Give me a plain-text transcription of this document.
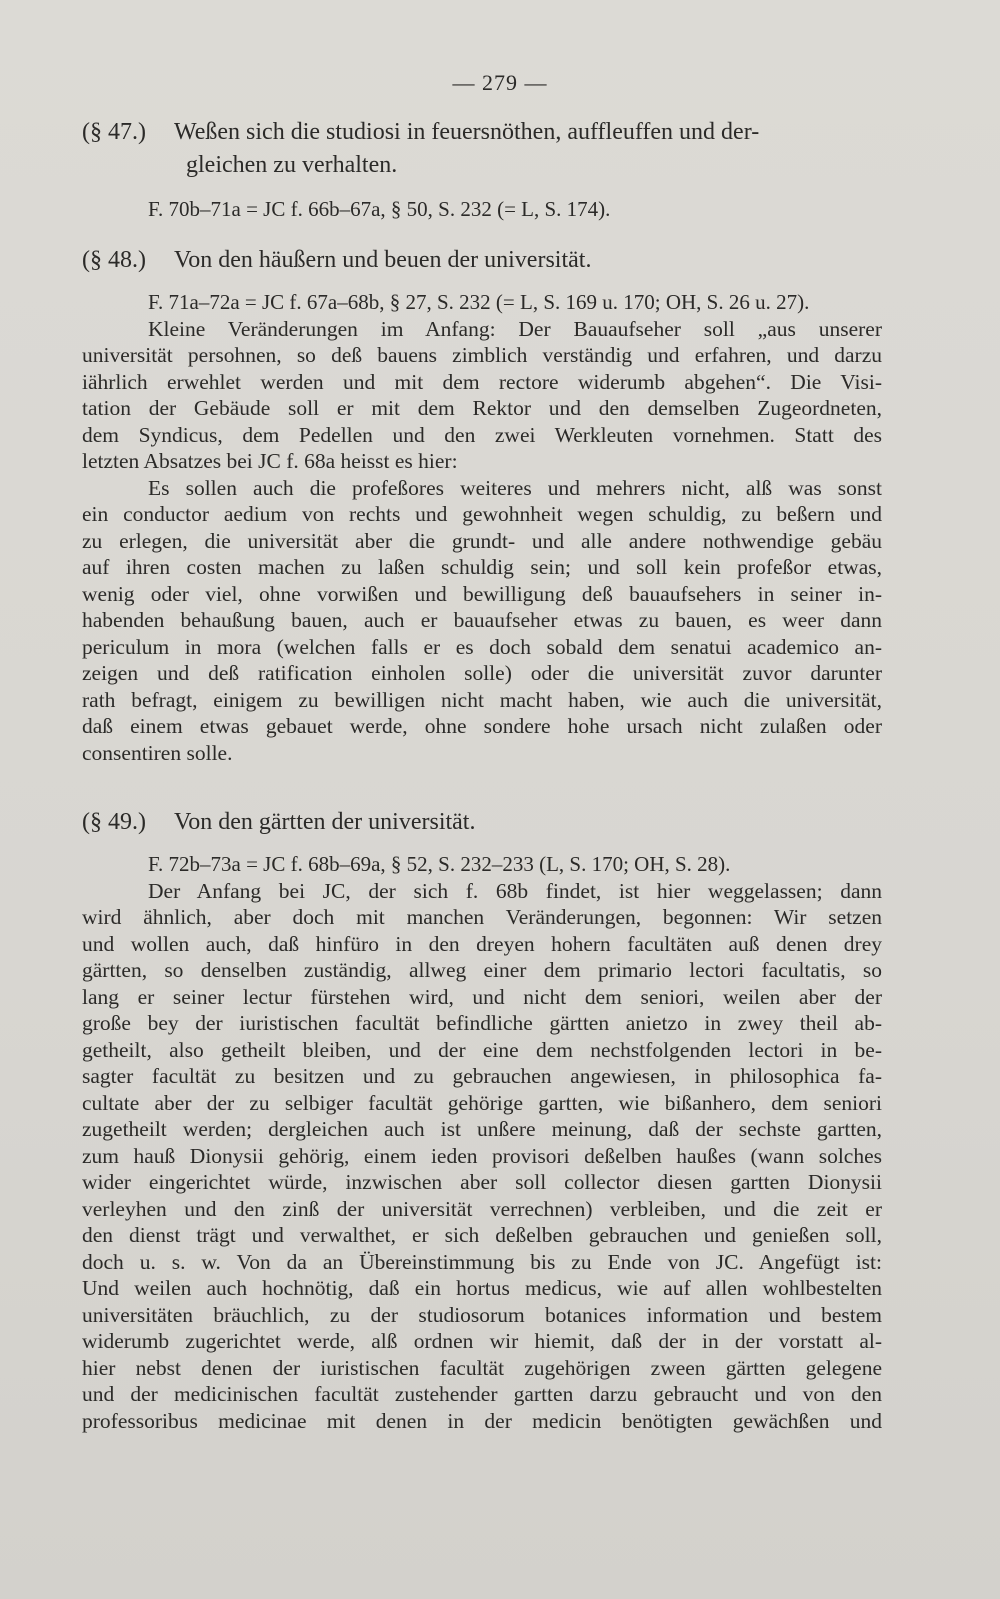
— 279 —
(§ 47.) Weßen sich die studiosi in feuersnöthen, auffleuffen und der-
gleichen zu verhalten.
F. 70b–71a = JC f. 66b–67a, § 50, S. 232 (= L, S. 174).
(§ 48.) Von den häußern und beuen der universität.
F. 71a–72a = JC f. 67a–68b, § 27, S. 232 (= L, S. 169 u. 170; OH, S. 26 u. 27).
Kleine Veränderungen im Anfang: Der Bauaufseher soll „aus unserer
universität persohnen, so deß bauens zimblich verständig und erfahren, und darzu
iährlich erwehlet werden und mit dem rectore widerumb abgehen“. Die Visi-
tation der Gebäude soll er mit dem Rektor und den demselben Zugeordneten,
dem Syndicus, dem Pedellen und den zwei Werkleuten vornehmen. Statt des
letzten Absatzes bei JC f. 68a heisst es hier:
Es sollen auch die profeßores weiteres und mehrers nicht, alß was sonst
ein conductor aedium von rechts und gewohnheit wegen schuldig, zu beßern und
zu erlegen, die universität aber die grundt- und alle andere nothwendige gebäu
auf ihren costen machen zu laßen schuldig sein; und soll kein profeßor etwas,
wenig oder viel, ohne vorwißen und bewilligung deß bauaufsehers in seiner in-
habenden behaußung bauen, auch er bauaufseher etwas zu bauen, es weer dann
periculum in mora (welchen falls er es doch sobald dem senatui academico an-
zeigen und deß ratification einholen solle) oder die universität zuvor darunter
rath befragt, einigem zu bewilligen nicht macht haben, wie auch die universität,
daß einem etwas gebauet werde, ohne sondere hohe ursach nicht zulaßen oder
consentiren solle.
(§ 49.) Von den gärtten der universität.
F. 72b–73a = JC f. 68b–69a, § 52, S. 232–233 (L, S. 170; OH, S. 28).
Der Anfang bei JC, der sich f. 68b findet, ist hier weggelassen; dann
wird ähnlich, aber doch mit manchen Veränderungen, begonnen: Wir setzen
und wollen auch, daß hinfüro in den dreyen hohern facultäten auß denen drey
gärtten, so denselben zuständig, allweg einer dem primario lectori facultatis, so
lang er seiner lectur fürstehen wird, und nicht dem seniori, weilen aber der
große bey der iuristischen facultät befindliche gärtten anietzo in zwey theil ab-
getheilt, also getheilt bleiben, und der eine dem nechstfolgenden lectori in be-
sagter facultät zu besitzen und zu gebrauchen angewiesen, in philosophica fa-
cultate aber der zu selbiger facultät gehörige gartten, wie bißanhero, dem seniori
zugetheilt werden; dergleichen auch ist unßere meinung, daß der sechste gartten,
zum hauß Dionysii gehörig, einem ieden provisori deßelben haußes (wann solches
wider eingerichtet würde, inzwischen aber soll collector diesen gartten Dionysii
verleyhen und den zinß der universität verrechnen) verbleiben, und die zeit er
den dienst trägt und verwalthet, er sich deßelben gebrauchen und genießen soll,
doch u. s. w. Von da an Übereinstimmung bis zu Ende von JC. Angefügt ist:
Und weilen auch hochnötig, daß ein hortus medicus, wie auf allen wohlbestelten
universitäten bräuchlich, zu der studiosorum botanices information und bestem
widerumb zugerichtet werde, alß ordnen wir hiemit, daß der in der vorstatt al-
hier nebst denen der iuristischen facultät zugehörigen zween gärtten gelegene
und der medicinischen facultät zustehender gartten darzu gebraucht und von den
professoribus medicinae mit denen in der medicin benötigten gewächßen und
